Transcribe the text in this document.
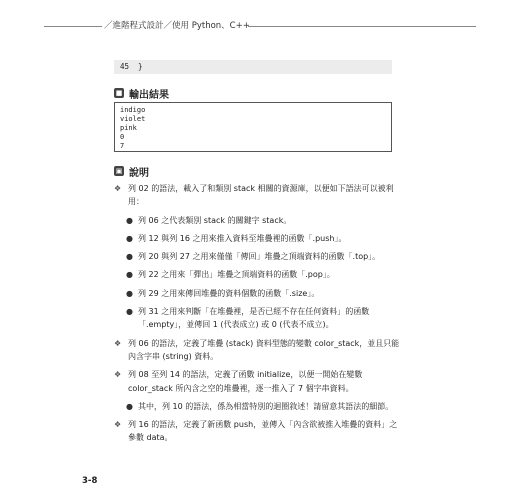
／進階程式設計／使用 Python、C++
45  }
■ 輸出結果
indigo
violet
pink
0
7
▣ 說明
❖ 列 02 的語法，載入了和類別 stack 相關的資源庫，以便如下語法可以被利用：
● 列 06 之代表類別 stack 的關鍵字 stack。
● 列 12 與列 16 之用來推入資料至堆疊裡的函數「.push」。
● 列 20 與列 27 之用來僅僅「傳回」堆疊之頂端資料的函數「.top」。
● 列 22 之用來「彈出」堆疊之頂端資料的函數「.pop」。
● 列 29 之用來傳回堆疊的資料個數的函數「.size」。
● 列 31 之用來判斷「在堆疊裡，是否已經不存在任何資料」的函數「.empty」，並傳回 1 (代表成立) 或 0 (代表不成立)。
❖ 列 06 的語法，定義了堆疊 (stack) 資料型態的變數 color_stack，並且只能內含字串 (string) 資料。
❖ 列 08 至列 14 的語法，定義了函數 initialize，以便一開始在變數 color_stack 所內含之空的堆疊裡，逐一推入了 7 個字串資料。
● 其中，列 10 的語法，係為相當特別的迴圈敘述！請留意其語法的細節。
❖ 列 16 的語法，定義了新函數 push，並傳入「內含欲被推入堆疊的資料」之參數 data。
3-8
